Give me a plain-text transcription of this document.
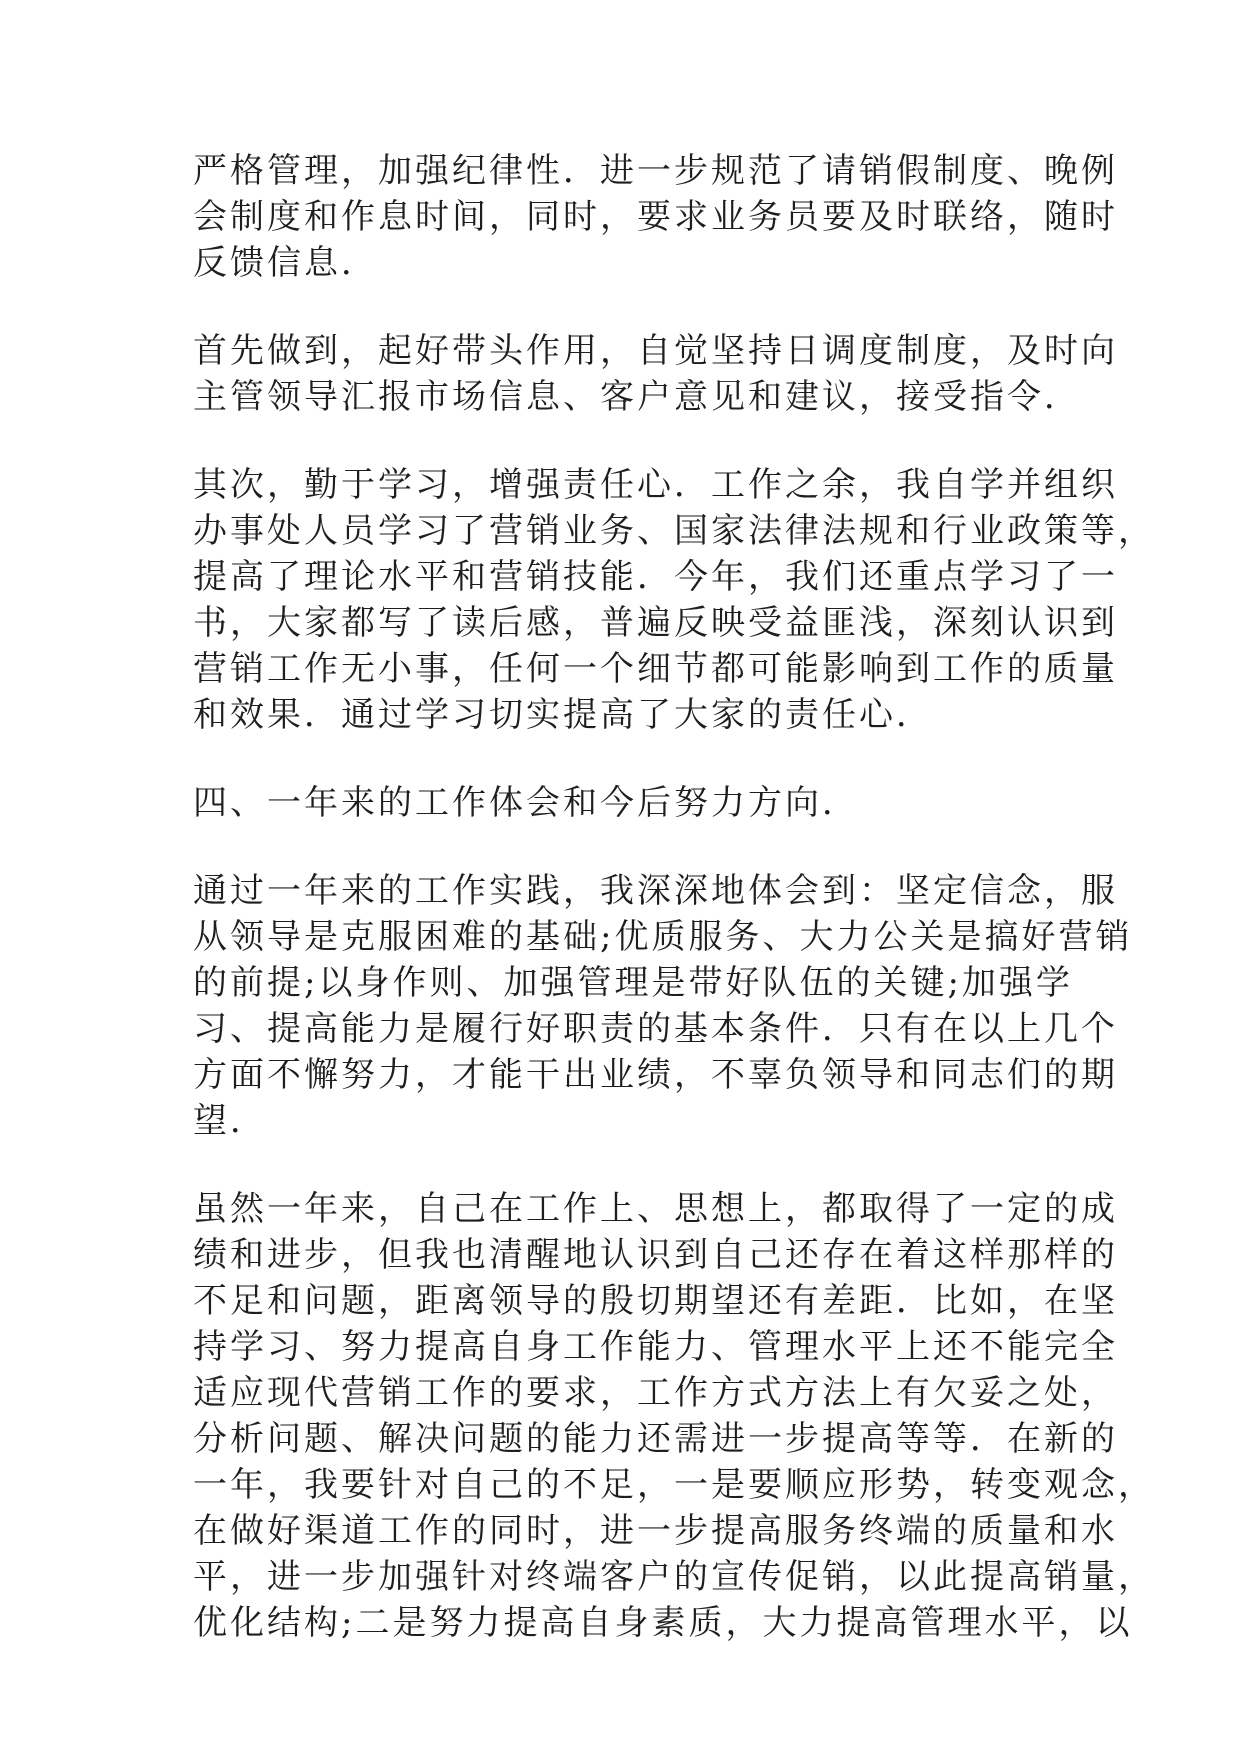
严格管理，加强纪律性．进一步规范了请销假制度、晚例
会制度和作息时间，同时，要求业务员要及时联络，随时
反馈信息．
首先做到，起好带头作用，自觉坚持日调度制度，及时向
主管领导汇报市场信息、客户意见和建议，接受指令．
其次，勤于学习，增强责任心．工作之余，我自学并组织
办事处人员学习了营销业务、国家法律法规和行业政策等，
提高了理论水平和营销技能．今年，我们还重点学习了一
书，大家都写了读后感，普遍反映受益匪浅，深刻认识到
营销工作无小事，任何一个细节都可能影响到工作的质量
和效果．通过学习切实提高了大家的责任心．
四、一年来的工作体会和今后努力方向．
通过一年来的工作实践，我深深地体会到：坚定信念，服
从领导是克服困难的基础;优质服务、大力公关是搞好营销
的前提;以身作则、加强管理是带好队伍的关键;加强学
习、提高能力是履行好职责的基本条件．只有在以上几个
方面不懈努力，才能干出业绩，不辜负领导和同志们的期
望．
虽然一年来，自己在工作上、思想上，都取得了一定的成
绩和进步，但我也清醒地认识到自己还存在着这样那样的
不足和问题，距离领导的殷切期望还有差距．比如，在坚
持学习、努力提高自身工作能力、管理水平上还不能完全
适应现代营销工作的要求，工作方式方法上有欠妥之处，
分析问题、解决问题的能力还需进一步提高等等．在新的
一年，我要针对自己的不足，一是要顺应形势，转变观念，
在做好渠道工作的同时，进一步提高服务终端的质量和水
平，进一步加强针对终端客户的宣传促销，以此提高销量，
优化结构;二是努力提高自身素质，大力提高管理水平，以
